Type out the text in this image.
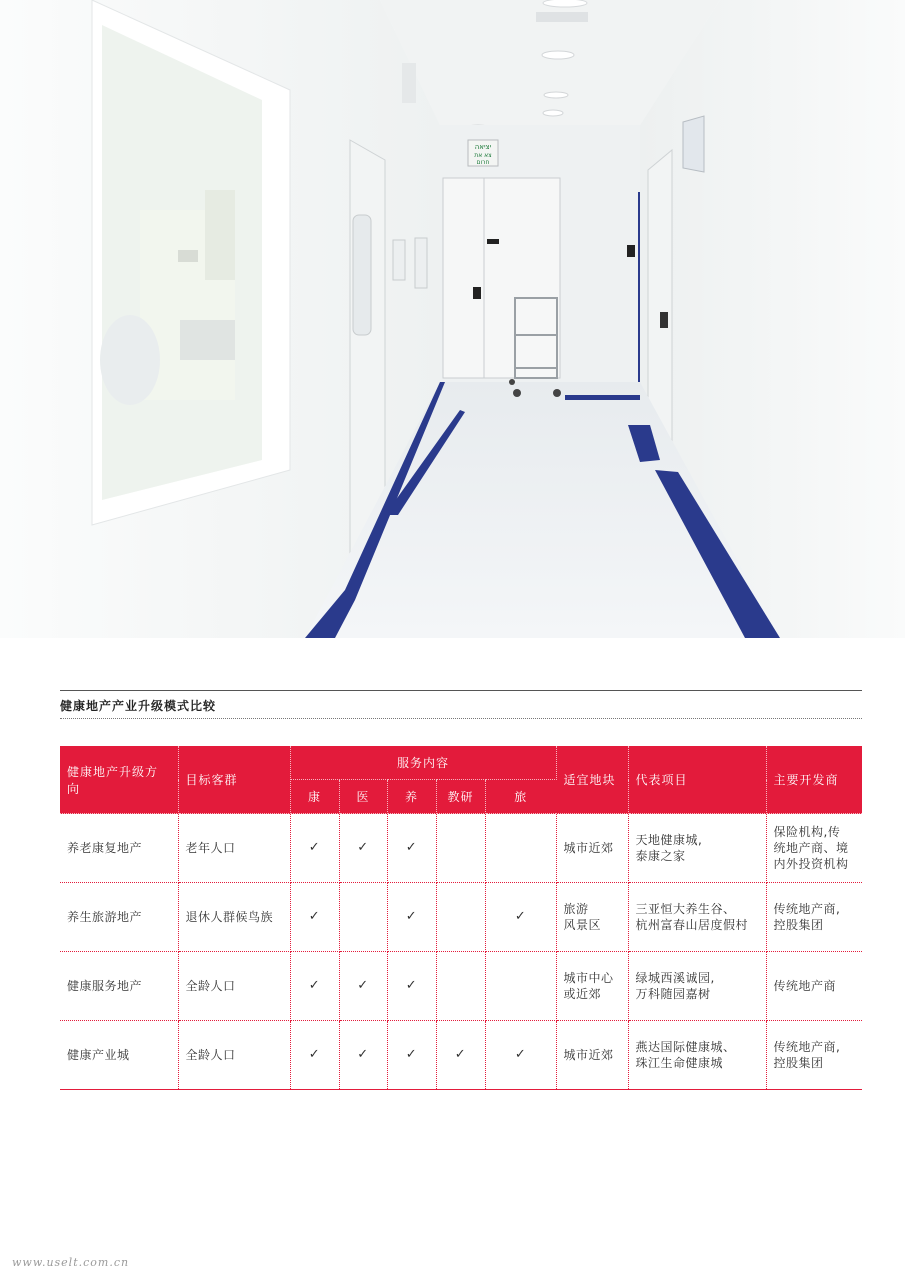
יציאה
צא את
חרום
健康地产产业升级模式比较
健康地产升级方向	目标客群	服务内容					适宜地块	代表项目	主要开发商
		康	医	养	教研	旅			
养老康复地产	老年人口	✓	✓	✓			城市近郊	天地健康城,
泰康之家	保险机构,传
统地产商、境
内外投资机构

养生旅游地产	退休人群候鸟族	✓		✓		✓	旅游
风景区	三亚恒大养生谷、
杭州富春山居度假村	传统地产商,
控股集团

健康服务地产	全龄人口	✓	✓	✓			城市中心
或近郊	绿城西溪诚园,
万科随园嘉树	传统地产商

健康产业城	全龄人口	✓	✓	✓	✓	✓	城市近郊	燕达国际健康城、
珠江生命健康城	传统地产商,
控股集团
www.uselt.com.cn
